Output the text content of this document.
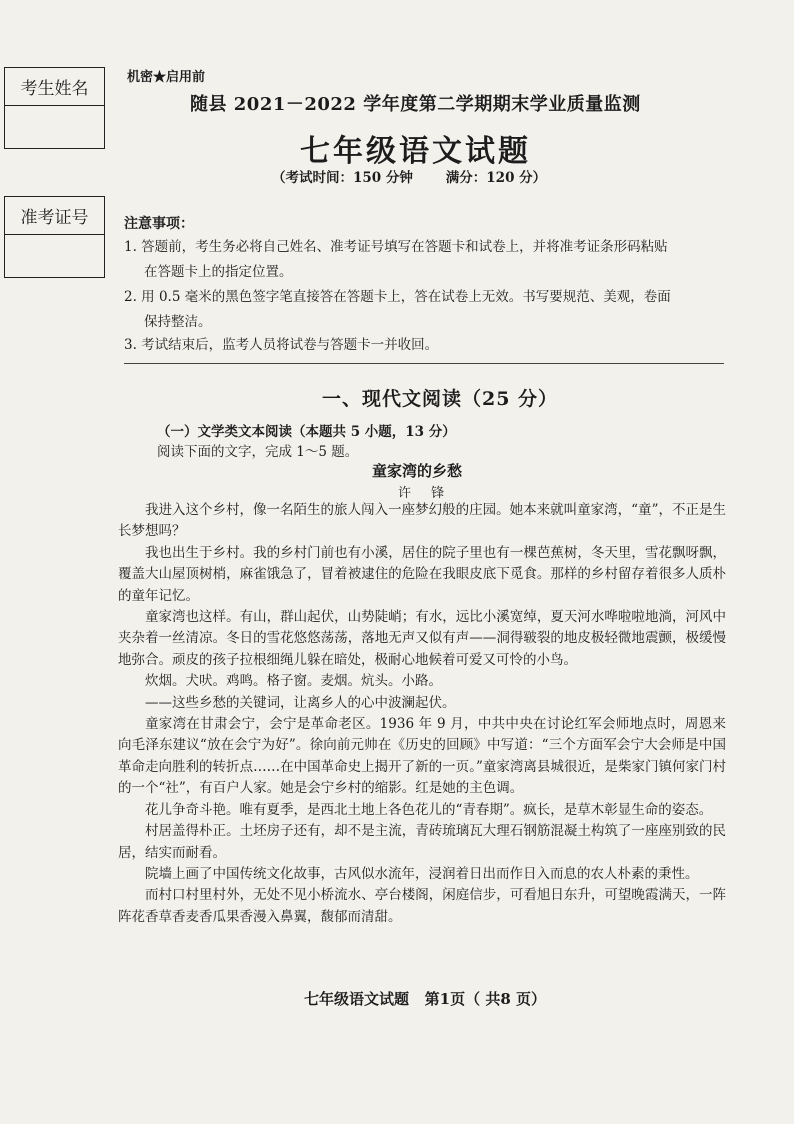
考生姓名
准考证号
机密★启用前
随县 2021－2022 学年度第二学期期末学业质量监测
七年级语文试题
（考试时间：150 分钟       满分：120 分）
注意事项：
1. 答题前，考生务必将自己姓名、准考证号填写在答题卡和试卷上，并将准考证条形码粘贴
在答题卡上的指定位置。
2. 用 0.5 毫米的黑色签字笔直接答在答题卡上，答在试卷上无效。书写要规范、美观，卷面
保持整洁。
3. 考试结束后，监考人员将试卷与答题卡一并收回。
一、现代文阅读（25 分）
（一）文学类文本阅读（本题共 5 小题，13 分）
阅读下面的文字，完成 1～5 题。
童家湾的乡愁
许 锋

我进入这个乡村，像一名陌生的旅人闯入一座梦幻般的庄园。她本来就叫童家湾，“童”，不正是生长梦想吗？

我也出生于乡村。我的乡村门前也有小溪，居住的院子里也有一棵芭蕉树，冬天里，雪花飘呀飘，覆盖大山屋顶树梢，麻雀饿急了，冒着被逮住的危险在我眼皮底下觅食。那样的乡村留存着很多人质朴的童年记忆。

童家湾也这样。有山，群山起伏，山势陡峭；有水，远比小溪宽绰，夏天河水哗啦啦地淌，河风中夹杂着一丝清凉。冬日的雪花悠悠荡荡，落地无声又似有声——洞得皲裂的地皮极轻微地震颤，极缓慢地弥合。顽皮的孩子拉根细绳儿躲在暗处，极耐心地候着可爱又可怜的小鸟。

炊烟。犬吠。鸡鸣。格子窗。麦烟。炕头。小路。

——这些乡愁的关键词，让离乡人的心中波澜起伏。

童家湾在甘肃会宁，会宁是革命老区。1936 年 9 月，中共中央在讨论红军会师地点时，周恩来向毛泽东建议“放在会宁为好”。徐向前元帅在《历史的回顾》中写道：“三个方面军会宁大会师是中国革命走向胜利的转折点……在中国革命史上揭开了新的一页。”童家湾离县城很近，是柴家门镇何家门村的一个“社”，有百户人家。她是会宁乡村的缩影。红是她的主色调。

花儿争奇斗艳。唯有夏季，是西北土地上各色花儿的“青春期”。疯长，是草木彰显生命的姿态。

村居盖得朴正。土坯房子还有，却不是主流，青砖琉璃瓦大理石钢筋混凝土构筑了一座座别致的民居，结实而耐看。

院墙上画了中国传统文化故事，古风似水流年，浸润着日出而作日入而息的农人朴素的秉性。

而村口村里村外，无处不见小桥流水、亭台楼阁，闲庭信步，可看旭日东升，可望晚霞满天，一阵阵花香草香麦香瓜果香漫入鼻翼，馥郁而清甜。

七年级语文试题   第1页（ 共8 页）
